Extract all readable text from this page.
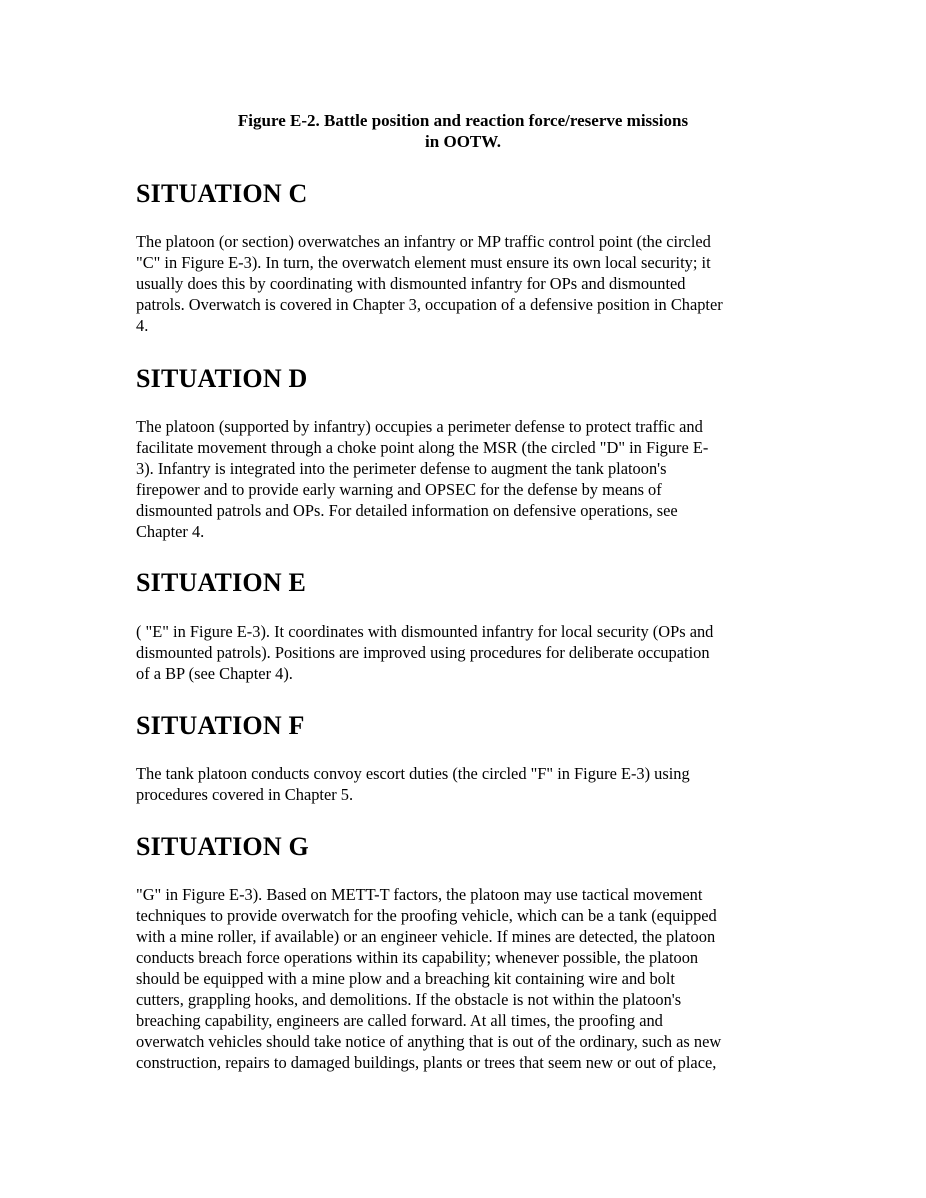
Figure E-2. Battle position and reaction force/reserve missions
in OOTW.
SITUATION C
The platoon (or section) overwatches an infantry or MP traffic control point (the circled
"C" in Figure E-3). In turn, the overwatch element must ensure its own local security; it
usually does this by coordinating with dismounted infantry for OPs and dismounted
patrols. Overwatch is covered in Chapter 3, occupation of a defensive position in Chapter
4.
SITUATION D
The platoon (supported by infantry) occupies a perimeter defense to protect traffic and
facilitate movement through a choke point along the MSR (the circled "D" in Figure E-
3). Infantry is integrated into the perimeter defense to augment the tank platoon's
firepower and to provide early warning and OPSEC for the defense by means of
dismounted patrols and OPs. For detailed information on defensive operations, see
Chapter 4.
SITUATION E
( "E" in Figure E-3). It coordinates with dismounted infantry for local security (OPs and
dismounted patrols). Positions are improved using procedures for deliberate occupation
of a BP (see Chapter 4).
SITUATION F
The tank platoon conducts convoy escort duties (the circled "F" in Figure E-3) using
procedures covered in Chapter 5.
SITUATION G
"G" in Figure E-3). Based on METT-T factors, the platoon may use tactical movement
techniques to provide overwatch for the proofing vehicle, which can be a tank (equipped
with a mine roller, if available) or an engineer vehicle. If mines are detected, the platoon
conducts breach force operations within its capability; whenever possible, the platoon
should be equipped with a mine plow and a breaching kit containing wire and bolt
cutters, grappling hooks, and demolitions. If the obstacle is not within the platoon's
breaching capability, engineers are called forward. At all times, the proofing and
overwatch vehicles should take notice of anything that is out of the ordinary, such as new
construction, repairs to damaged buildings, plants or trees that seem new or out of place,
